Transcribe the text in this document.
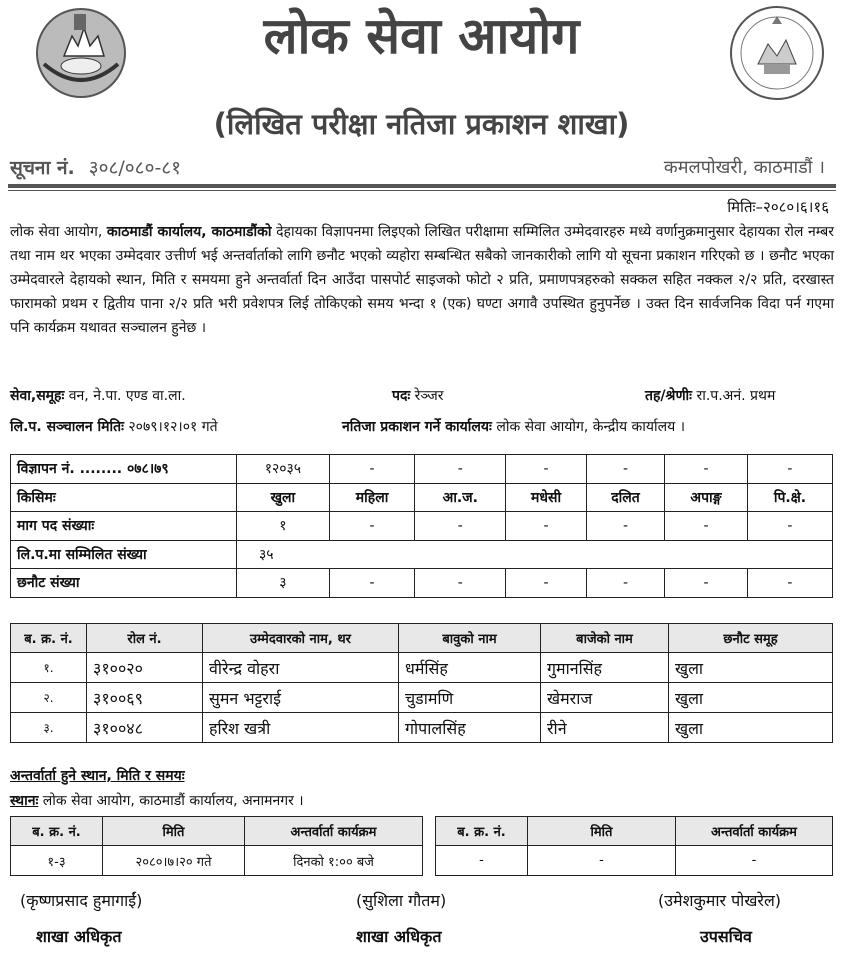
लोक सेवा आयोग
(लिखित परीक्षा नतिजा प्रकाशन शाखा)
सूचना नं. ३०८/०८०-८१	कमलपोखरी, काठमाडौं ।
मितिः–२०८०।६।१६
लोक सेवा आयोग, काठमाडौं कार्यालय, काठमाडौंको देहायका विज्ञापनमा लिइएको लिखित परीक्षामा सम्मिलित उम्मेदवारहरु मध्ये वर्णानुक्रमानुसार देहायका रोल नम्बर तथा नाम थर भएका उम्मेदवार उत्तीर्ण भई अन्तर्वार्ताको लागि छनौट भएको व्यहोरा सम्बन्धित सबैको जानकारीको लागि यो सूचना प्रकाशन गरिएको छ । छनौट भएका उम्मेदवारले देहायको स्थान, मिति र समयमा हुने अन्तर्वार्ता दिन आउँदा पासपोर्ट साइजको फोटो २ प्रति, प्रमाणपत्रहरुको सक्कल सहित नक्कल २/२ प्रति, दरखास्त फारामको प्रथम र द्वितीय पाना २/२ प्रति भरी प्रवेशपत्र लिई तोकिएको समय भन्दा १ (एक) घण्टा अगावै उपस्थित हुनुपर्नेछ । उक्त दिन सार्वजनिक विदा पर्न गएमा पनि कार्यक्रम यथावत सञ्चालन हुनेछ ।
सेवा,समूहः वन, ने.पा. एण्ड वा.ला.	पदः रेञ्जर	तह/श्रेणीः रा.प.अनं. प्रथम
लि.प. सञ्चालन मितिः २०७९।१२।०१ गते	नतिजा प्रकाशन गर्ने कार्यालयः लोक सेवा आयोग, केन्द्रीय कार्यालय ।
विज्ञापन नं. ........ ०७८।७९	१२०३५	-	-	-	-	-	-
किसिमः	खुला	महिला	आ.ज.	मधेसी	दलित	अपाङ्ग	पि.क्षे.
माग पद संख्याः	१	-	-	-	-	-	-
लि.प.मा सम्मिलित संख्या	३५						
छनौट संख्या	३	-	-	-	-	-	-
ब. क्र. नं.	रोल नं.	उम्मेदवारको नाम, थर	बावुको नाम	बाजेको नाम	छनौट समूह
१.	३१००२०	वीरेन्द्र वोहरा	धर्मसिंह	गुमानसिंह	खुला
२.	३१००६९	सुमन भट्टराई	चुडामणि	खेमराज	खुला
३.	३१००४८	हरिश खत्री	गोपालसिंह	रीने	खुला
अन्तर्वार्ता हुने स्थान, मिति र समयः
स्थानः लोक सेवा आयोग, काठमाडौं कार्यालय, अनामनगर ।
ब. क्र. नं.	मिति	अन्तर्वार्ता कार्यक्रम
१-३	२०८०।७।२० गते	दिनको १:०० बजे
ब. क्र. नं.	मिति	अन्तर्वार्ता कार्यक्रम
-	-	-
(कृष्णप्रसाद हुमागाईं)
शाखा अधिकृत
(सुशिला गौतम)
शाखा अधिकृत
(उमेशकुमार पोखरेल)
उपसचिव
